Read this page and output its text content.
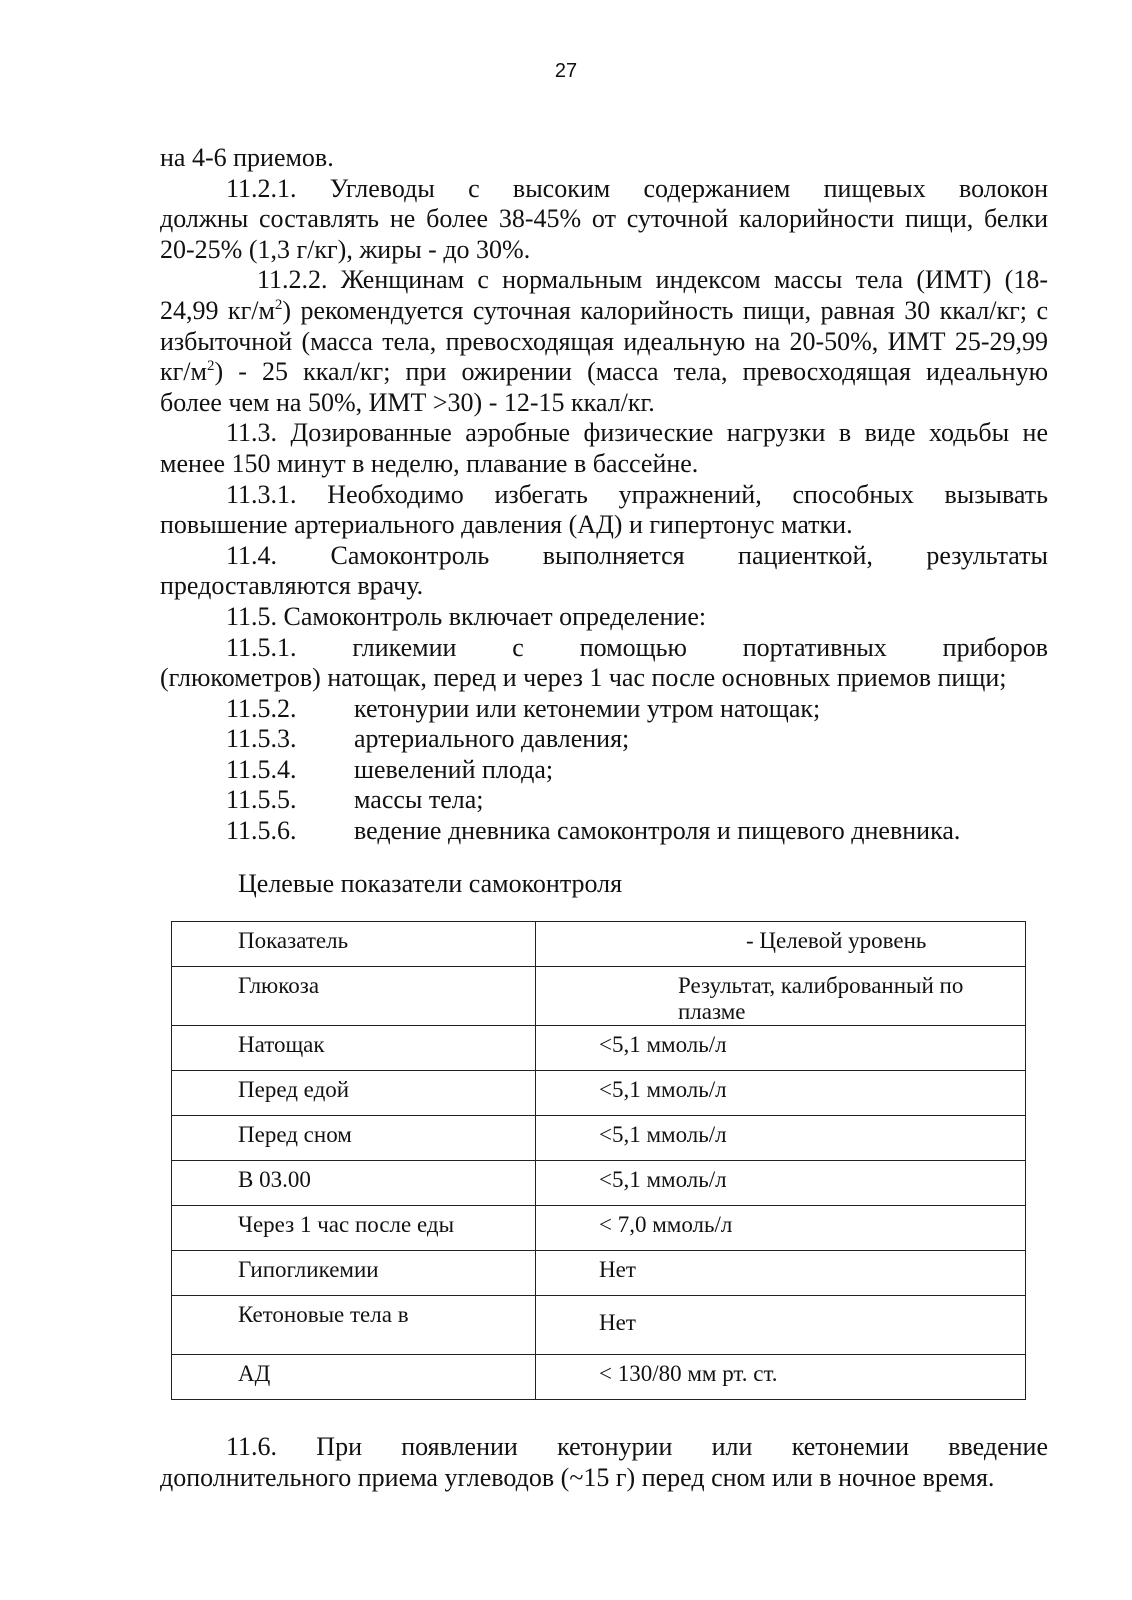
27

на 4-6 приемов.

11.2.1. Углеводы с высоким содержанием пищевых волокон

должны составлять не более 38-45% от суточной калорийности пищи, белки

20-25% (1,3 г/кг), жиры - до 30%.

11.2.2. Женщинам с нормальным индексом массы тела (ИМТ) (18-

24,99 $кг/м^2$) рекомендуется суточная калорийность пищи, равная 30 ккал/кг; с

избыточной (масса тела, превосходящая идеальную на 20-50%, ИМТ 25-29,99

$кг/м^2) - 25$ ккал/кг; при ожирении (масса тела, превосходящая идеальную

более чем на 50%, ИМТ >30) - 12-15 ккал/кг.

11.3. Дозированные аэробные физические нагрузки в виде ходьбы не

менее 150 минут в неделю, плавание в бассейне.

11.3.1. Необходимо избегать упражнений, способных вызывать

повышение артериального давления (АД) и гипертонус матки.

11.4. Самоконтроль выполняется пациенткой, результаты

предоставляются врачу.

11.5. Самоконтроль включает определение:

11.5.1. гликемии с помощью портативных приборов

(глюкометров) натощак, перед и через 1 час после основных приемов пищи;

11.5.2. кетонурии или кетонемии утром натощак;

11.5.3. артериального давления;

11.5.4. шевелений плода;

11.5.5. массы тела;

11.5.6. ведение дневника самоконтроля и пищевого дневника.

Целевые показатели самоконтроля

Показатель	- Целевой уровень
Глюкоза	Результат, калиброванный по плазме
Натощак	<5,1 ммоль/л
Перед едой	<5,1 ммоль/л
Перед сном	<5,1 ммоль/л
В 03.00	<5,1 ммоль/л
Через 1 час после еды	< 7,0 ммоль/л
Гипогликемии	Нет
Кетоновые тела в	Нет
АД	< 130/80 мм рт. ст.

11.6. При появлении кетонурии или кетонемии введение

дополнительного приема углеводов (~15 г) перед сном или в ночное время.
